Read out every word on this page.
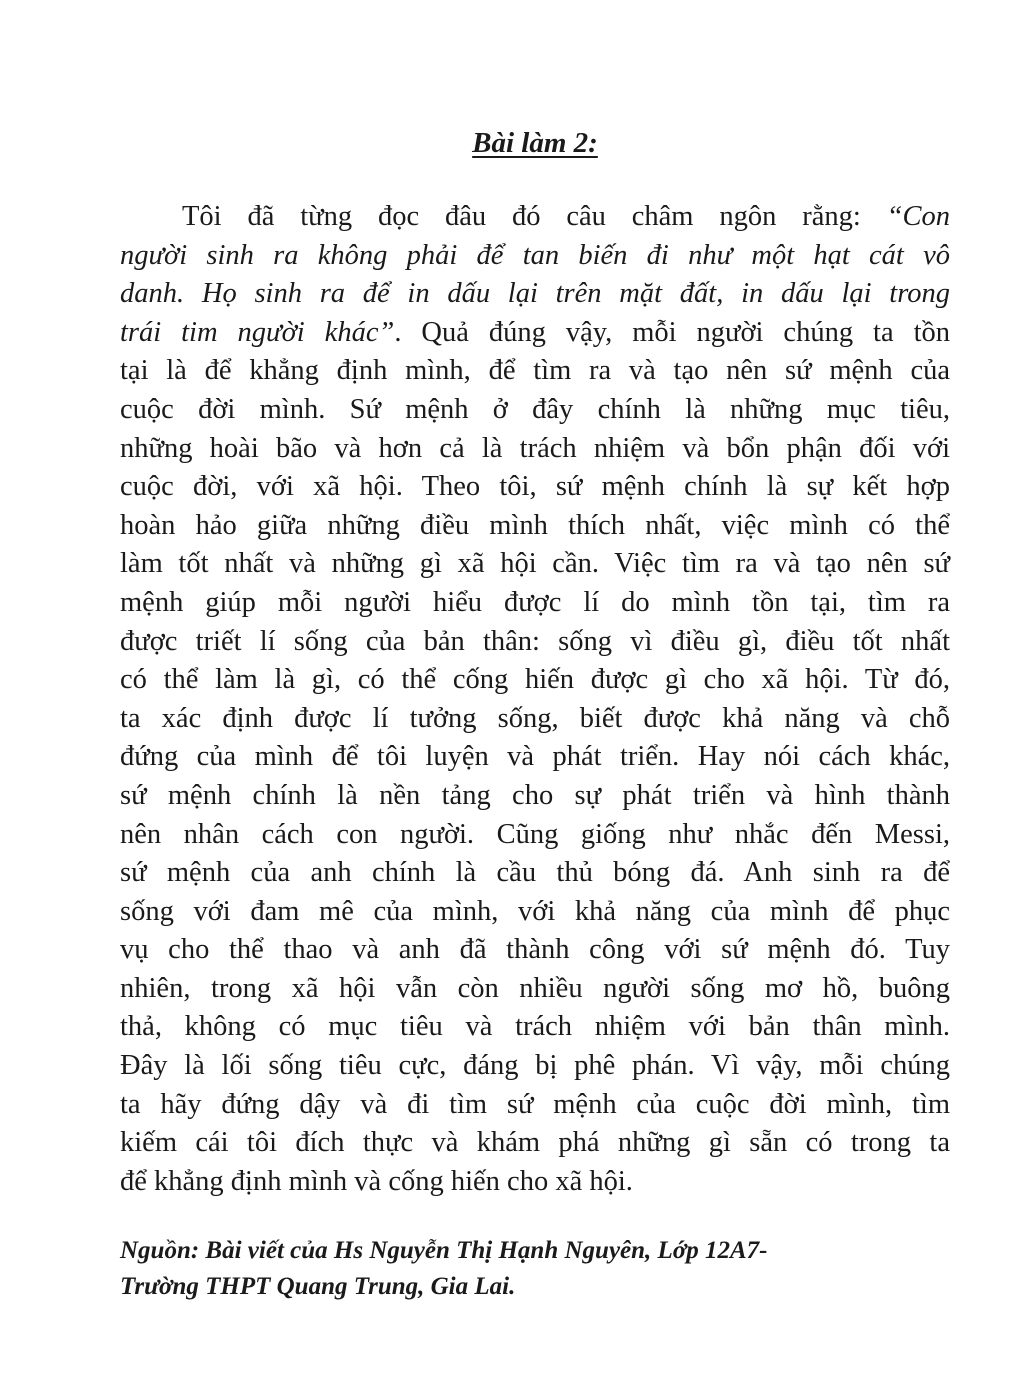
Bài làm 2:
Tôi đã từng đọc đâu đó câu châm ngôn rằng: “Con
người sinh ra không phải để tan biến đi như một hạt cát vô
danh. Họ sinh ra để in dấu lại trên mặt đất, in dấu lại trong
trái tim người khác”. Quả đúng vậy, mỗi người chúng ta tồn
tại là để khẳng định mình, để tìm ra và tạo nên sứ mệnh của
cuộc đời mình. Sứ mệnh ở đây chính là những mục tiêu,
những hoài bão và hơn cả là trách nhiệm và bổn phận đối với
cuộc đời, với xã hội. Theo tôi, sứ mệnh chính là sự kết hợp
hoàn hảo giữa những điều mình thích nhất, việc mình có thể
làm tốt nhất và những gì xã hội cần. Việc tìm ra và tạo nên sứ
mệnh giúp mỗi người hiểu được lí do mình tồn tại, tìm ra
được triết lí sống của bản thân: sống vì điều gì, điều tốt nhất
có thể làm là gì, có thể cống hiến được gì cho xã hội. Từ đó,
ta xác định được lí tưởng sống, biết được khả năng và chỗ
đứng của mình để tôi luyện và phát triển. Hay nói cách khác,
sứ mệnh chính là nền tảng cho sự phát triển và hình thành
nên nhân cách con người. Cũng giống như nhắc đến Messi,
sứ mệnh của anh chính là cầu thủ bóng đá. Anh sinh ra để
sống với đam mê của mình, với khả năng của mình để phục
vụ cho thể thao và anh đã thành công với sứ mệnh đó. Tuy
nhiên, trong xã hội vẫn còn nhiều người sống mơ hồ, buông
thả, không có mục tiêu và trách nhiệm với bản thân mình.
Đây là lối sống tiêu cực, đáng bị phê phán. Vì vậy, mỗi chúng
ta hãy đứng dậy và đi tìm sứ mệnh của cuộc đời mình, tìm
kiếm cái tôi đích thực và khám phá những gì sẵn có trong ta
để khẳng định mình và cống hiến cho xã hội.
Nguồn: Bài viết của Hs Nguyễn Thị Hạnh Nguyên, Lớp 12A7-
Trường THPT Quang Trung, Gia Lai.
